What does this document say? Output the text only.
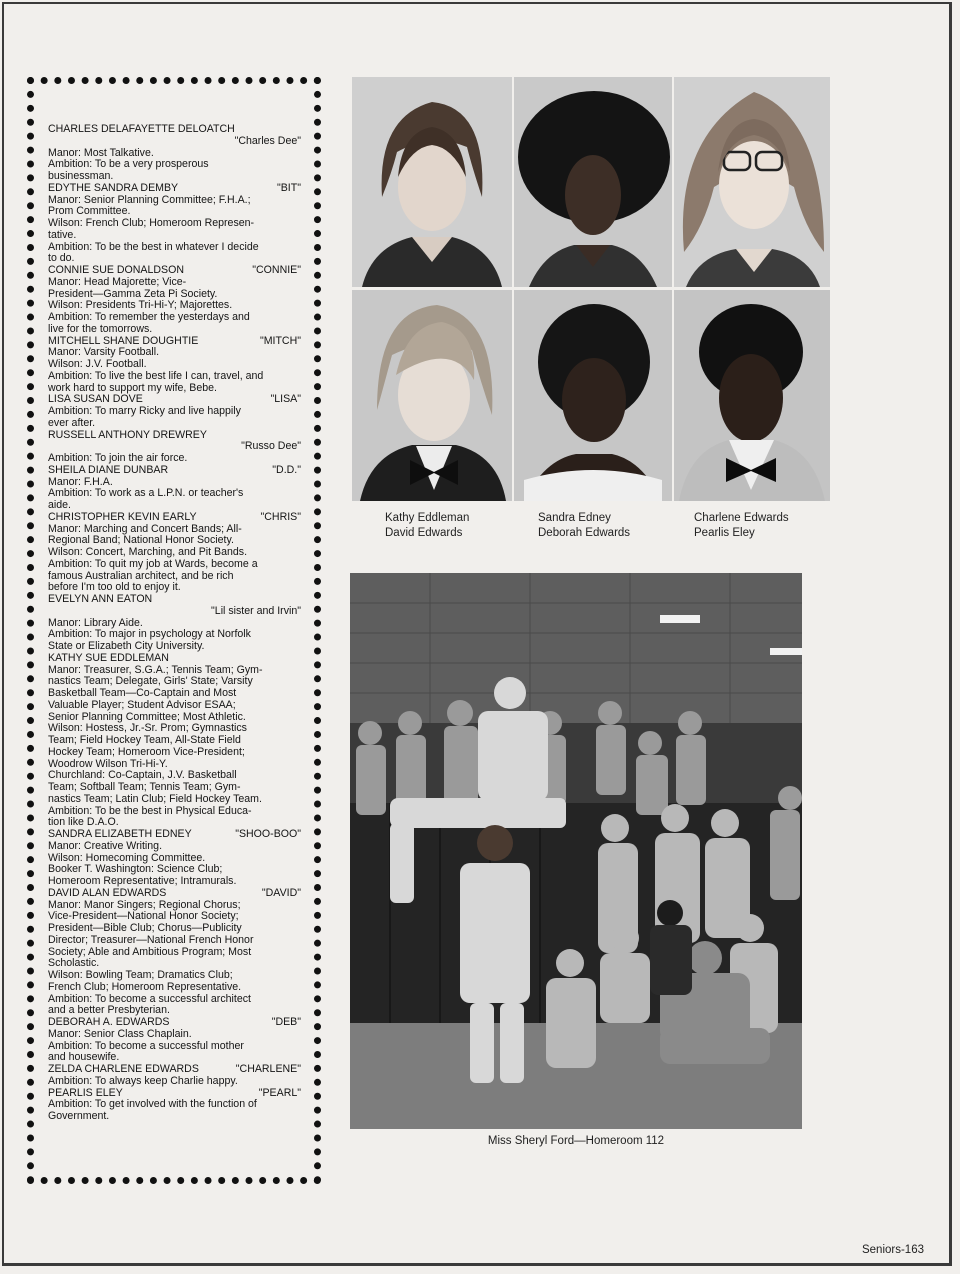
CHARLES DELAFAYETTE DELOATCH
"Charles Dee"
Manor: Most Talkative.
Ambition: To be a very prosperous
businessman.
EDYTHE SANDRA DEMBY	"BIT"
Manor: Senior Planning Committee; F.H.A.;
Prom Committee.
Wilson: French Club; Homeroom Represen-
tative.
Ambition: To be the best in whatever I decide
to do.
CONNIE SUE DONALDSON	"CONNIE"
Manor: Head Majorette; Vice-
President—Gamma Zeta Pi Society.
Wilson: Presidents Tri-Hi-Y; Majorettes.
Ambition: To remember the yesterdays and
live for the tomorrows.
MITCHELL SHANE DOUGHTIE	"MITCH"
Manor: Varsity Football.
Wilson: J.V. Football.
Ambition: To live the best life I can, travel, and
work hard to support my wife, Bebe.
LISA SUSAN DOVE	"LISA"
Ambition: To marry Ricky and live happily
ever after.
RUSSELL ANTHONY DREWREY
"Russo Dee"
Ambition: To join the air force.
SHEILA DIANE DUNBAR	"D.D."
Manor: F.H.A.
Ambition: To work as a L.P.N. or teacher's
aide.
CHRISTOPHER KEVIN EARLY	"CHRIS"
Manor: Marching and Concert Bands; All-
Regional Band; National Honor Society.
Wilson: Concert, Marching, and Pit Bands.
Ambition: To quit my job at Wards, become a
famous Australian architect, and be rich
before I'm too old to enjoy it.
EVELYN ANN EATON
"Lil sister and Irvin"
Manor: Library Aide.
Ambition: To major in psychology at Norfolk
State or Elizabeth City University.
KATHY SUE EDDLEMAN
Manor: Treasurer, S.G.A.; Tennis Team; Gym-
nastics Team; Delegate, Girls' State; Varsity
Basketball Team—Co-Captain and Most
Valuable Player; Student Advisor ESAA;
Senior Planning Committee; Most Athletic.
Wilson: Hostess, Jr.-Sr. Prom; Gymnastics
Team; Field Hockey Team, All-State Field
Hockey Team; Homeroom Vice-President;
Woodrow Wilson Tri-Hi-Y.
Churchland: Co-Captain, J.V. Basketball
Team; Softball Team; Tennis Team; Gym-
nastics Team; Latin Club; Field Hockey Team.
Ambition: To be the best in Physical Educa-
tion like D.A.O.
SANDRA ELIZABETH EDNEY	"SHOO-BOO"
Manor: Creative Writing.
Wilson: Homecoming Committee.
Booker T. Washington: Science Club;
Homeroom Representative; Intramurals.
DAVID ALAN EDWARDS	"DAVID"
Manor: Manor Singers; Regional Chorus;
Vice-President—National Honor Society;
President—Bible Club; Chorus—Publicity
Director; Treasurer—National French Honor
Society; Able and Ambitious Program; Most
Scholastic.
Wilson: Bowling Team; Dramatics Club;
French Club; Homeroom Representative.
Ambition: To become a successful architect
and a better Presbyterian.
DEBORAH A. EDWARDS	"DEB"
Manor: Senior Class Chaplain.
Ambition: To become a successful mother
and housewife.
ZELDA CHARLENE EDWARDS	"CHARLENE"
Ambition: To always keep Charlie happy.
PEARLIS ELEY	"PEARL"
Ambition: To get involved with the function of
Government.
Kathy Eddleman
David Edwards
Sandra Edney
Deborah Edwards
Charlene Edwards
Pearlis Eley
Miss Sheryl Ford—Homeroom 112
Seniors-163
